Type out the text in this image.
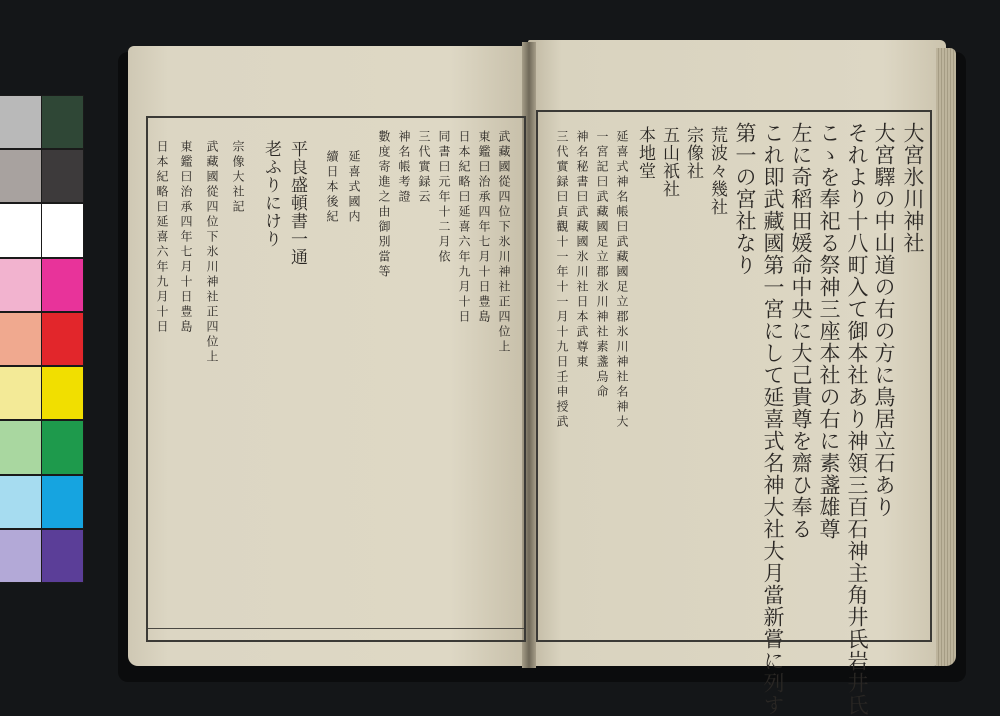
大宮氷川神社
大宮驛の中山道の右の方に鳥居立石あり
それより十八町入て御本社あり神領三百石神主角井氏岩井氏
こゝを奉祀る祭神三座本社の右に素盞雄尊
左に奇稻田媛命中央に大己貴尊を齋ひ奉る
これ即武藏國第一宮にして延喜式名神大社大月當新嘗に列す
第一の宮社なり
荒波々幾社
宗像社
五山祇社
本地堂
延喜式神名帳曰武藏國足立郡氷川神社名神大
一宮記曰武藏國足立郡氷川神社素盞烏命
神名秘書曰武藏國氷川社日本武尊東
三代實録曰貞觀十一年十一月十九日壬申授武
武藏國從四位下氷川神社正四位上
東鑑曰治承四年七月十日豊島
日本紀略曰延喜六年九月十日
同書曰元年十二月依
三代實録云
神名帳考證
數度寄進之由御別當等
延喜式國内
續日本後紀
平良盛頓書一通
老ふりにけり
宗像大社記
武藏國從四位下氷川神社正四位上
東鑑曰治承四年七月十日豊島
日本紀略曰延喜六年九月十日
